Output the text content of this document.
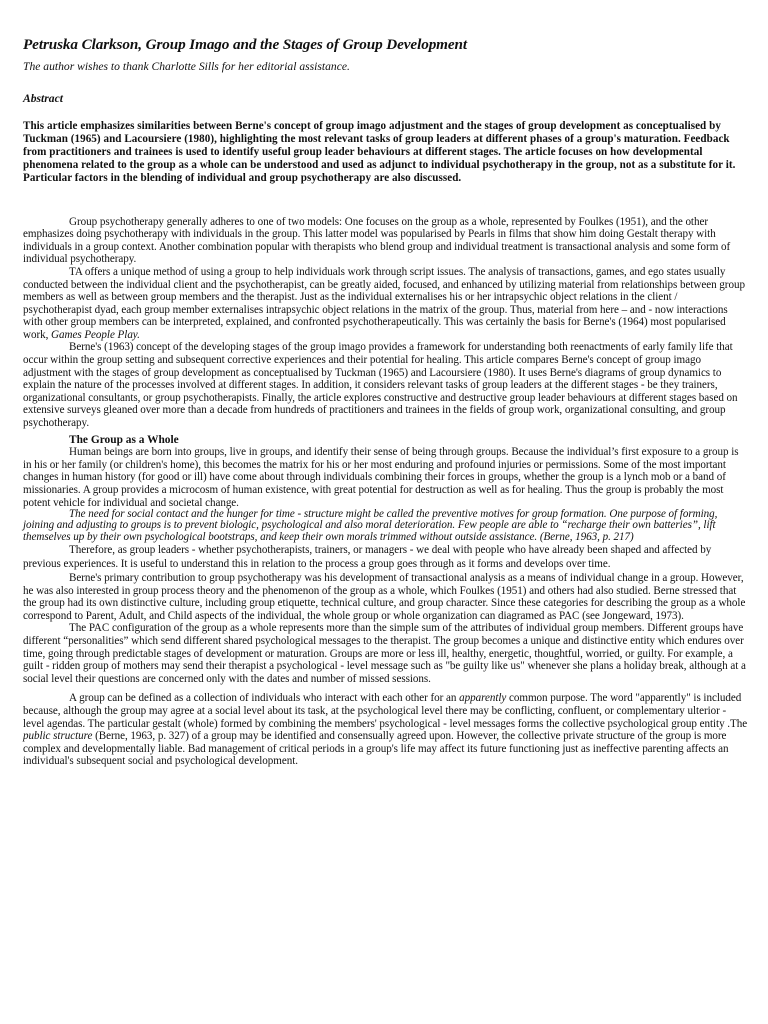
Petruska Clarkson, Group Imago and the Stages of Group Development
The author wishes to thank Charlotte Sills for her editorial assistance.
Abstract
This article emphasizes similarities between Berne's concept of group imago adjustment and the stages of group development as conceptualised by Tuckman (1965) and Lacoursiere (1980), highlighting the most relevant tasks of group leaders at different phases of a group's maturation. Feedback from practitioners and trainees is used to identify useful group leader behaviours at different stages. The article focuses on how developmental phenomena related to the group as a whole can be understood and used as adjunct to individual psychotherapy in the group, not as a substitute for it. Particular factors in the blending of individual and group psychotherapy are also discussed.

Group psychotherapy generally adheres to one of two models: One focuses on the group as a whole, represented by Foulkes (1951), and the other emphasizes doing psychotherapy with individuals in the group. This latter model was popularised by Pearls in films that show him doing Gestalt therapy with individuals in a group context. Another combination popular with therapists who blend group and individual treatment is transactional analysis and some form of individual psychotherapy.

TA offers a unique method of using a group to help individuals work through script issues. The analysis of transactions, games, and ego states usually conducted between the individual client and the psychotherapist, can be greatly aided, focused, and enhanced by utilizing material from relationships between group members as well as between group members and the therapist. Just as the individual externalises his or her intrapsychic object relations in the client / psychotherapist dyad, each group member externalises intrapsychic object relations in the matrix of the group. Thus, material from here – and - now interactions with other group members can be interpreted, explained, and confronted psychotherapeutically. This was certainly the basis for Berne's (1964) most popularised work, Games People Play.

Berne's (1963) concept of the developing stages of the group imago provides a framework for understanding both reenactments of early family life that occur within the group setting and subsequent corrective experiences and their potential for healing. This article compares Berne's concept of group imago adjustment with the stages of group development as conceptualised by Tuckman (1965) and Lacoursiere (1980). It uses Berne's diagrams of group dynamics to explain the nature of the processes involved at different stages. In addition, it considers relevant tasks of group leaders at the different stages - be they trainers, organizational consultants, or group psychotherapists. Finally, the article explores constructive and destructive group leader behaviours at different stages based on extensive surveys gleaned over more than a decade from hundreds of practitioners and trainees in the fields of group work, organizational consulting, and group psychotherapy.

The Group as a Whole

Human beings are born into groups, live in groups, and identify their sense of being through groups. Because the individual’s first exposure to a group is in his or her family (or children's home), this becomes the matrix for his or her most enduring and profound injuries or permissions. Some of the most important changes in human history (for good or ill) have come about through individuals combining their forces in groups, whether the group is a lynch mob or a band of missionaries. A group provides a microcosm of human existence, with great potential for destruction as well as for healing. Thus the group is probably the most potent vehicle for individual and societal change.

The need for social contact and the hunger for time - structure might be called the preventive motives for group formation. One purpose of forming, joining and adjusting to groups is to prevent biologic, psychological and also moral deterioration. Few people are able to “recharge their own batteries”, lift themselves up by their own psychological bootstraps, and keep their own morals trimmed without outside assistance. (Berne, 1963, p. 217)

Therefore, as group leaders - whether psychotherapists, trainers, or managers - we deal with people who have already been shaped and affected by previous experiences. It is useful to understand this in relation to the process a group goes through as it forms and develops over time.

Berne's primary contribution to group psychotherapy was his development of transactional analysis as a means of individual change in a group. However, he was also interested in group process theory and the phenomenon of the group as a whole, which Foulkes (1951) and others had also studied. Berne stressed that the group had its own distinctive culture, including group etiquette, technical culture, and group character. Since these categories for describing the group as a whole correspond to Parent, Adult, and Child aspects of the individual, the whole group or whole organization can diagramed as PAC (see Jongeward, 1973).

The PAC configuration of the group as a whole represents more than the simple sum of the attributes of individual group members. Different groups have different “personalities” which send different shared psychological messages to the therapist. The group becomes a unique and distinctive entity which endures over time, going through predictable stages of development or maturation. Groups are more or less ill, healthy, energetic, thoughtful, worried, or guilty. For example, a guilt - ridden group of mothers may send their therapist a psychological - level message such as "be guilty like us" whenever she plans a holiday break, although at a social level their questions are concerned only with the dates and number of missed sessions.

A group can be defined as a collection of individuals who interact with each other for an apparently common purpose. The word "apparently" is included because, although the group may agree at a social level about its task, at the psychological level there may be conflicting, confluent, or complementary ulterior - level agendas. The particular gestalt (whole) formed by combining the members' psychological - level messages forms the collective psychological group entity .The public structure (Berne, 1963, p. 327) of a group may be identified and consensually agreed upon. However, the collective private structure of the group is more complex and developmentally liable. Bad management of critical periods in a group's life may affect its future functioning just as ineffective parenting affects an individual's subsequent social and psychological development.
